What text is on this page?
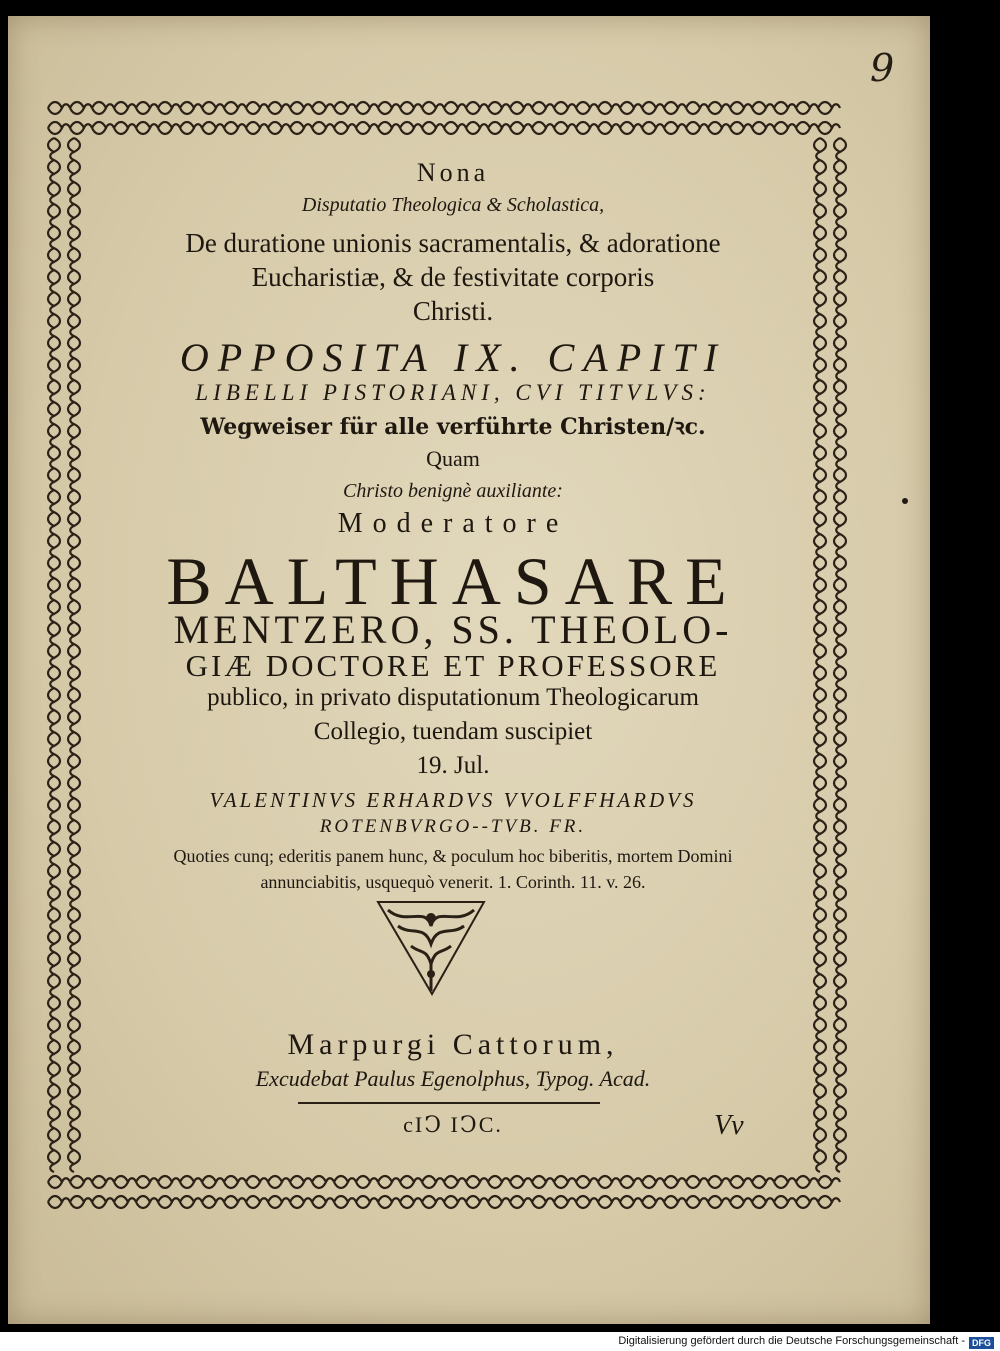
9
Nona
Disputatio Theologica & Scholastica,
De duratione unionis sacramentalis, & adoratione
Eucharistiæ, & de festivitate corporis
Christi.
OPPOSITA IX. CAPITI
LIBELLI PISTORIANI, CVI TITVLVS:
Wegweiser für alle verführte Christen/ꝛc.
Quam
Christo benignè auxiliante:
Moderatore
BALTHASARE
MENTZERO, SS. THEOLO-
GIÆ DOCTORE ET PROFESSORE
publico, in privato disputationum Theologicarum
Collegio, tuendam suscipiet
19. Jul.
VALENTINVS ERHARDVS VVOLFFHARDVS
ROTENBVRGO--TVB. FR.
Quoties cunq; ederitis panem hunc, & poculum hoc biberitis, mortem Domini
annunciabitis, usquequò venerit. 1. Corinth. 11. v. 26.
Marpurgi Cattorum,
Excudebat Paulus Egenolphus, Typog. Acad.
cIↃ IↃC.	Vv
Digitalisierung gefördert durch die Deutsche Forschungsgemeinschaft - DFG
